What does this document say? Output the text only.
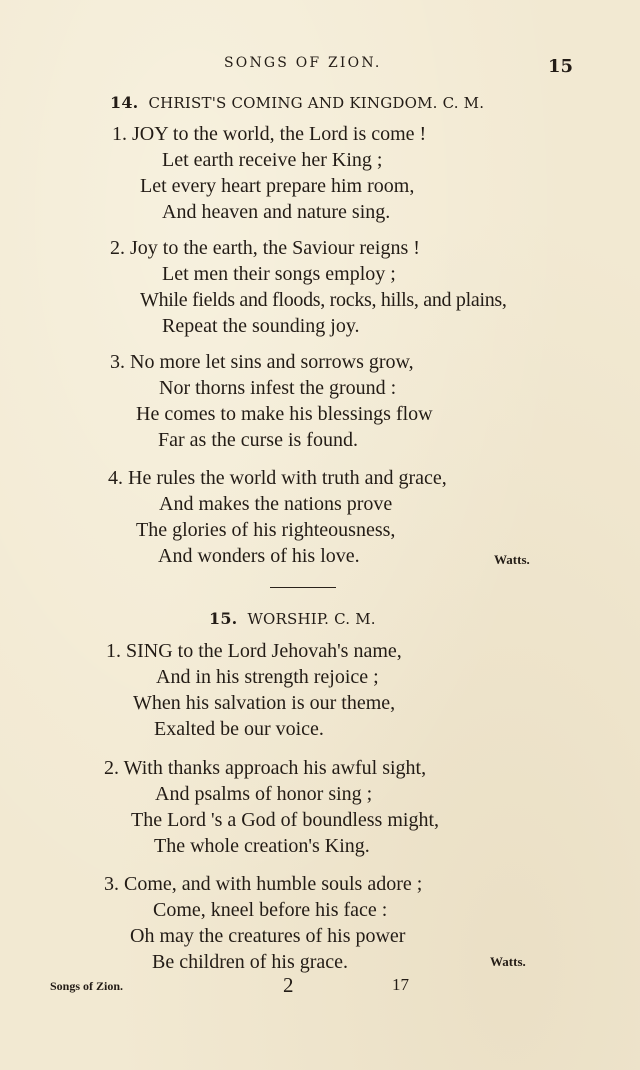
SONGS OF ZION.	15
14. CHRIST'S COMING AND KINGDOM. C. M.
1. JOY to the world, the Lord is come !
Let earth receive her King ;
Let every heart prepare him room,
And heaven and nature sing.
2. Joy to the earth, the Saviour reigns !
Let men their songs employ ;
While fields and floods, rocks, hills, and plains,
Repeat the sounding joy.
3. No more let sins and sorrows grow,
Nor thorns infest the ground :
He comes to make his blessings flow
Far as the curse is found.
4. He rules the world with truth and grace,
And makes the nations prove
The glories of his righteousness,
And wonders of his love.	Watts.
15. WORSHIP. C. M.
1. SING to the Lord Jehovah's name,
And in his strength rejoice ;
When his salvation is our theme,
Exalted be our voice.
2. With thanks approach his awful sight,
And psalms of honor sing ;
The Lord 's a God of boundless might,
The whole creation's King.
3. Come, and with humble souls adore ;
Come, kneel before his face :
Oh may the creatures of his power
Be children of his grace.	Watts.
Songs of Zion.	2	17
